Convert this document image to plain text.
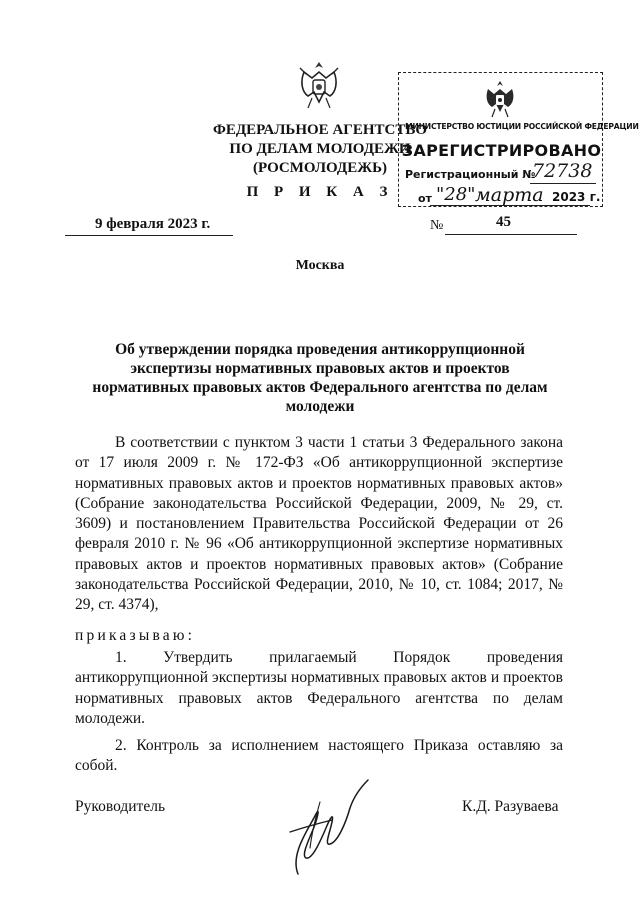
ФЕДЕРАЛЬНОЕ АГЕНТСТВО
ПО ДЕЛАМ МОЛОДЕЖИ
(РОСМОЛОДЕЖЬ)
П Р И К А З
9 февраля 2023 г.	№	45
Москва
МИНИСТЕРСТВО ЮСТИЦИИ РОССИЙСКОЙ ФЕДЕРАЦИИ
ЗАРЕГИСТРИРОВАНО
Регистрационный №
72738
от "28" марта 2023 г.
Об утверждении порядка проведения антикоррупционной экспертизы нормативных правовых актов и проектов нормативных правовых актов Федерального агентства по делам молодежи
В соответствии с пунктом 3 части 1 статьи 3 Федерального закона от 17 июля 2009 г. № 172-ФЗ «Об антикоррупционной экспертизе нормативных правовых актов и проектов нормативных правовых актов» (Собрание законодательства Российской Федерации, 2009, № 29, ст. 3609) и постановлением Правительства Российской Федерации от 26 февраля 2010 г. № 96 «Об антикоррупционной экспертизе нормативных правовых актов и проектов нормативных правовых актов» (Собрание законодательства Российской Федерации, 2010, № 10, ст. 1084; 2017, № 29, ст. 4374),
приказываю:
1. Утвердить прилагаемый Порядок проведения антикоррупционной экспертизы нормативных правовых актов и проектов нормативных правовых актов Федерального агентства по делам молодежи.
2. Контроль за исполнением настоящего Приказа оставляю за собой.
Руководитель	К.Д. Разуваева
